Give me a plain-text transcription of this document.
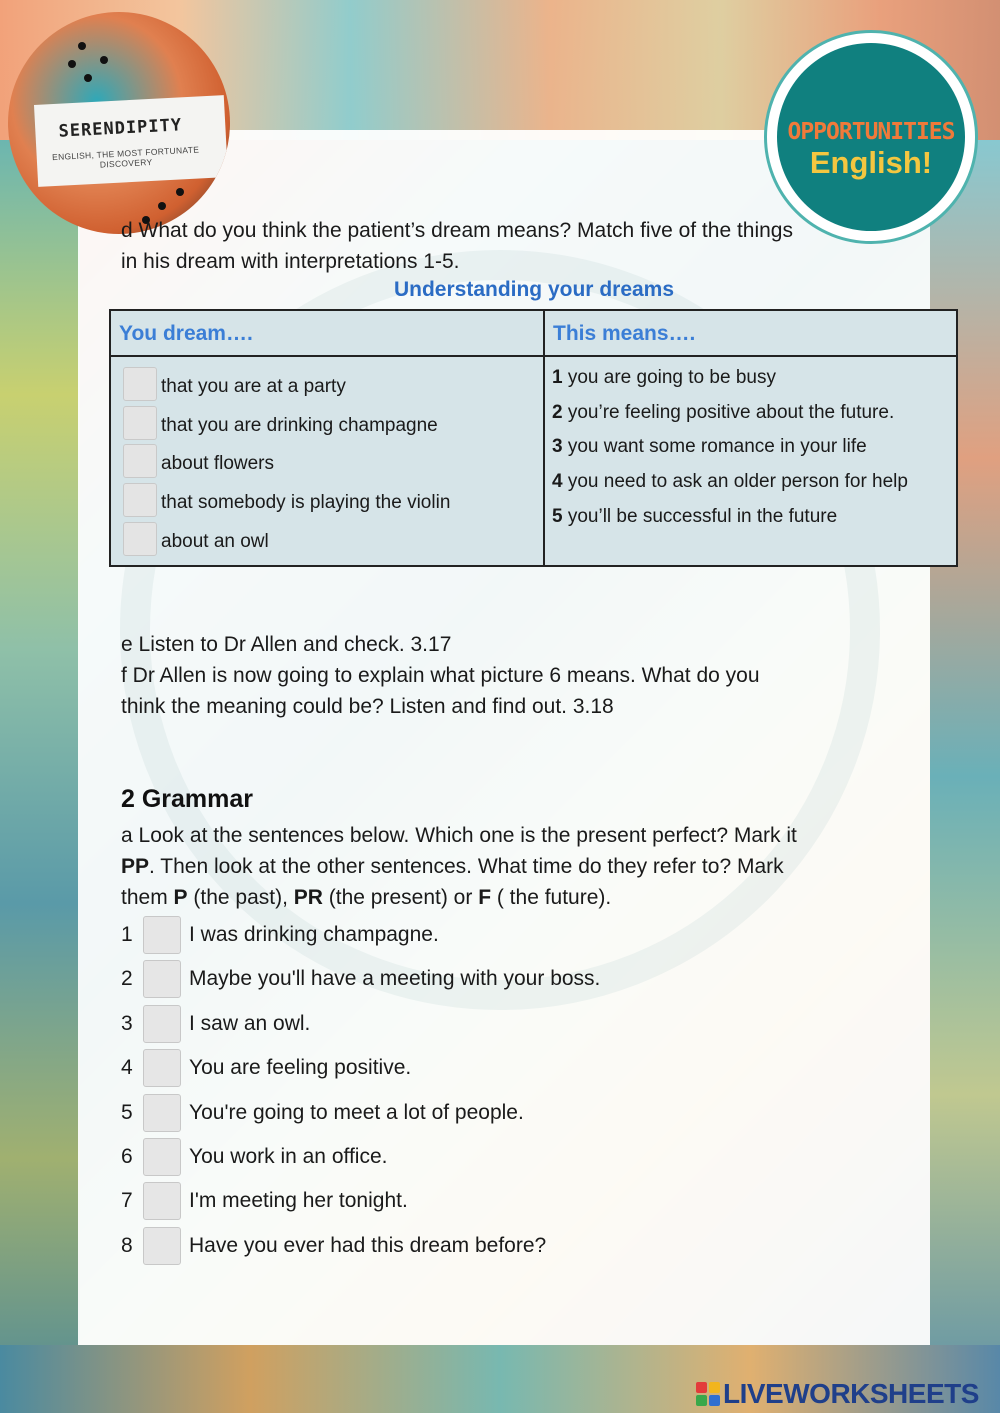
SERENDIPITY
ENGLISH, THE MOST FORTUNATE DISCOVERY
OPPORTUNITIES
English!
d What do you think the patient’s dream means? Match five of the things
in his dream with interpretations 1-5.
Understanding your dreams
You dream….	This means….
that you are at a party
that you are drinking champagne
about flowers
that somebody is playing the violin
about an owl
1 you are going to be busy
2 you’re feeling positive about the future.
3 you want some romance in your life
4 you need to ask an older person for help
5 you’ll be successful in the future
e Listen to Dr Allen and check. 3.17
f Dr Allen is now going to explain what picture 6 means. What do you
think the meaning could be? Listen and find out. 3.18
2 Grammar
a Look at the sentences below. Which one is the present perfect? Mark it
PP. Then look at the other sentences. What time do they refer to? Mark
them P (the past), PR (the present) or F ( the future).
1	I was drinking champagne.
2	Maybe you'll have a meeting with your boss.
3	I saw an owl.
4	You are feeling positive.
5	You're going to meet a lot of people.
6	You work in an office.
7	I'm meeting her tonight.
8	Have you ever had this dream before?
LIVEWORKSHEETS
